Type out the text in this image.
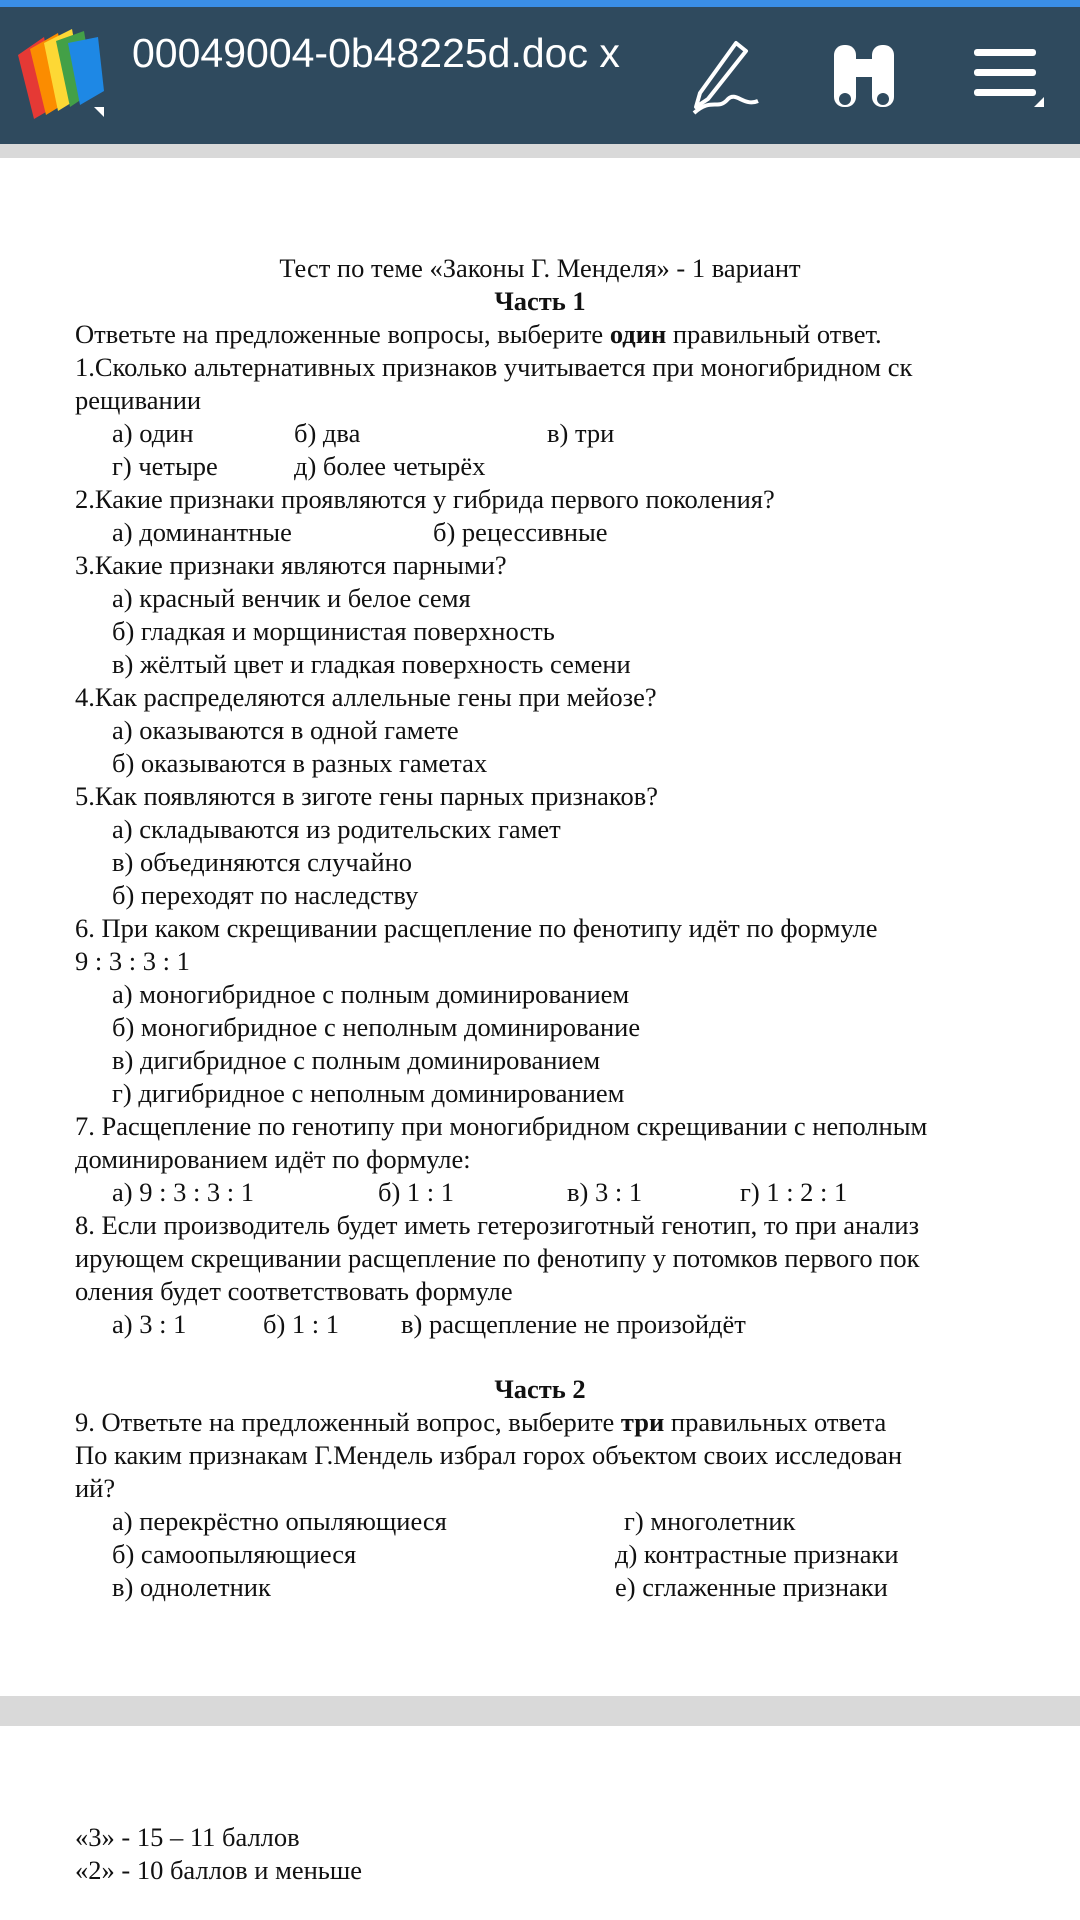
00049004-0b48225d.doc x
Тест по теме «Законы Г. Менделя» - 1 вариант
Часть 1
Ответьте на предложенные вопросы, выберите один правильный ответ.
1.Сколько альтернативных признаков учитывается при моногибридном ск
рещивании
а) один	б) два	в) три
г) четыре	д) более четырёх
2.Какие признаки проявляются у гибрида первого поколения?
а) доминантные	б) рецессивные
3.Какие признаки являются парными?
а) красный венчик и белое семя
б) гладкая и морщинистая поверхность
в) жёлтый цвет и гладкая поверхность семени
4.Как распределяются аллельные гены при мейозе?
а) оказываются в одной гамете
б) оказываются в разных гаметах
5.Как появляются в зиготе гены парных признаков?
а) складываются из родительских гамет
в) объединяются случайно
б) переходят по наследству
6. При каком скрещивании расщепление по фенотипу идёт по формуле
9 : 3 : 3 : 1
а) моногибридное с полным доминированием
б) моногибридное с неполным доминирование
в) дигибридное с полным доминированием
г) дигибридное с неполным доминированием
7. Расщепление по генотипу при моногибридном скрещивании с неполным
доминированием идёт по формуле:
а) 9 : 3 : 3 : 1	б) 1 : 1	в) 3 : 1	г) 1 : 2 : 1
8. Если производитель будет иметь гетерозиготный генотип, то при анализ
ирующем скрещивании расщепление по фенотипу у потомков первого пок
оления будет соответствовать формуле
а) 3 : 1	б) 1 : 1 в) расщепление не произойдёт
Часть 2
9. Ответьте на предложенный вопрос, выберите три правильных ответа
По каким признакам Г.Мендель избрал горох объектом своих исследован
ий?
а) перекрёстно опыляющиеся	г) многолетник
б) самоопыляющиеся	д) контрастные признаки
в) однолетник	е) сглаженные признаки
«3» - 15 – 11 баллов
«2» - 10 баллов и меньше
